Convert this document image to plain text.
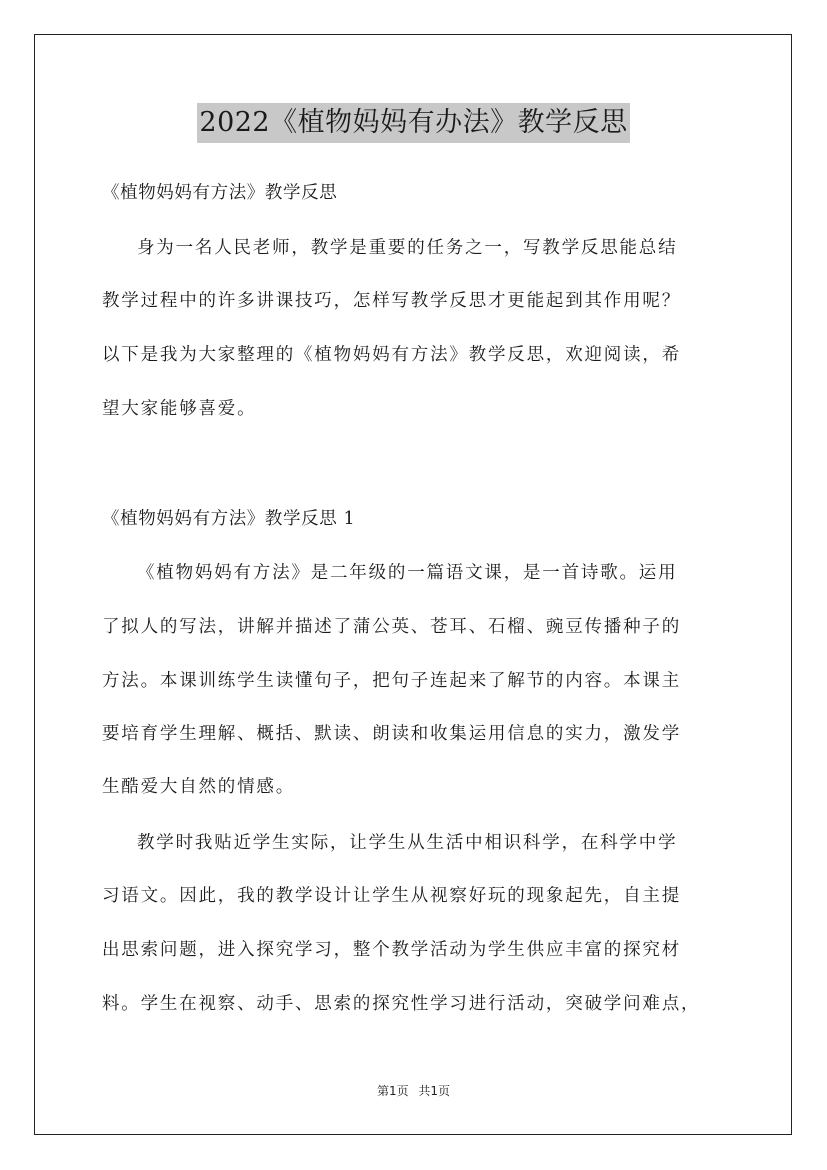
2022《植物妈妈有办法》教学反思
《植物妈妈有方法》教学反思
身为一名人民老师，教学是重要的任务之一，写教学反思能总结
教学过程中的许多讲课技巧，怎样写教学反思才更能起到其作用呢？
以下是我为大家整理的《植物妈妈有方法》教学反思，欢迎阅读，希
望大家能够喜爱。
《植物妈妈有方法》教学反思 1
《植物妈妈有方法》是二年级的一篇语文课，是一首诗歌。运用
了拟人的写法，讲解并描述了蒲公英、苍耳、石榴、豌豆传播种子的
方法。本课训练学生读懂句子，把句子连起来了解节的内容。本课主
要培育学生理解、概括、默读、朗读和收集运用信息的实力，激发学
生酷爱大自然的情感。
教学时我贴近学生实际，让学生从生活中相识科学，在科学中学
习语文。因此，我的教学设计让学生从视察好玩的现象起先，自主提
出思索问题，进入探究学习，整个教学活动为学生供应丰富的探究材
料。学生在视察、动手、思索的探究性学习进行活动，突破学问难点，
第1页 共1页
